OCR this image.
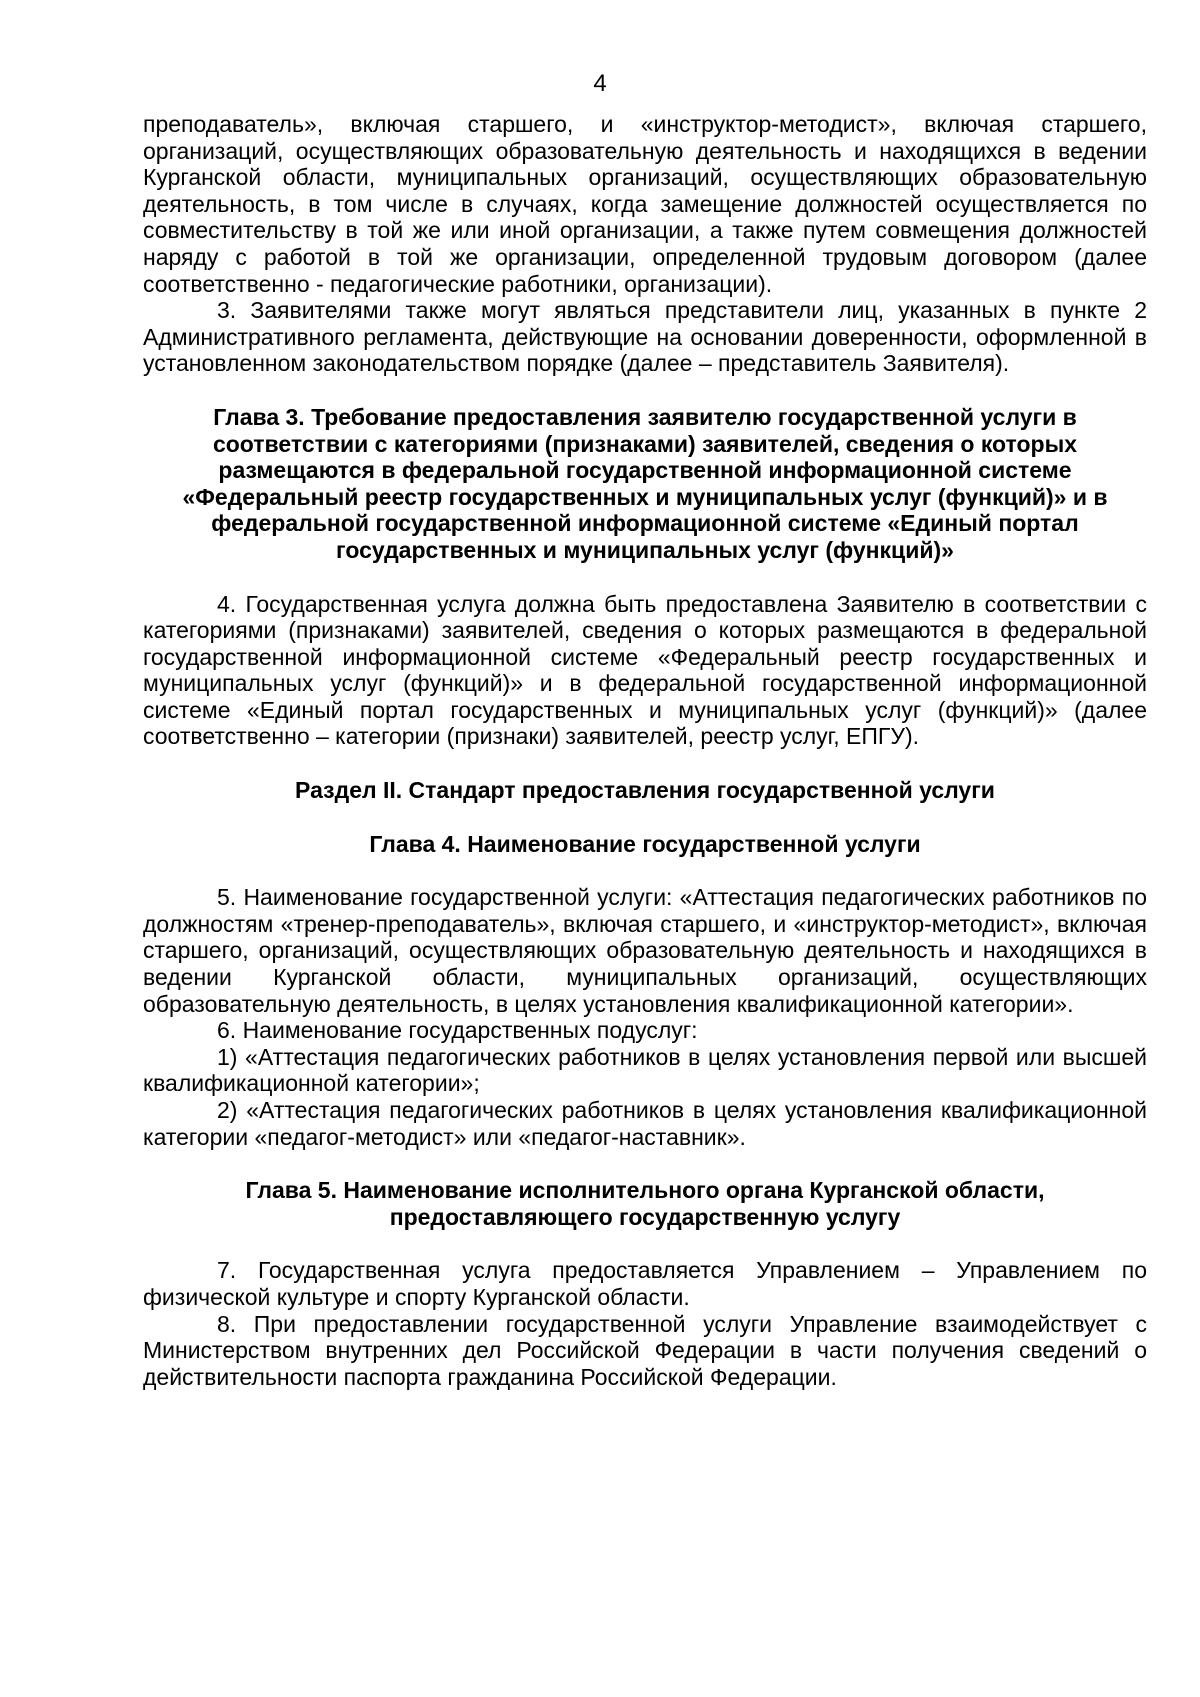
4

преподаватель», включая старшего, и «инструктор-методист», включая старшего, организаций, осуществляющих образовательную деятельность и находящихся в ведении Курганской области, муниципальных организаций, осуществляющих образовательную деятельность, в том числе в случаях, когда замещение должностей осуществляется по совместительству в той же или иной организации, а также путем совмещения должностей наряду с работой в той же организации, определенной трудовым договором (далее соответственно - педагогические работники, организации).

3. Заявителями также могут являться представители лиц, указанных в пункте 2 Административного регламента, действующие на основании доверенности, оформленной в установленном законодательством порядке (далее – представитель Заявителя).

Глава 3. Требование предоставления заявителю государственной услуги в соответствии с категориями (признаками) заявителей, сведения о которых размещаются в федеральной государственной информационной системе «Федеральный реестр государственных и муниципальных услуг (функций)» и в федеральной государственной информационной системе «Единый портал государственных и муниципальных услуг (функций)»

4. Государственная услуга должна быть предоставлена Заявителю в соответствии с категориями (признаками) заявителей, сведения о которых размещаются в федеральной государственной информационной системе «Федеральный реестр государственных и муниципальных услуг (функций)» и в федеральной государственной информационной системе «Единый портал государственных и муниципальных услуг (функций)» (далее соответственно – категории (признаки) заявителей, реестр услуг, ЕПГУ).

Раздел II. Стандарт предоставления государственной услуги
Глава 4. Наименование государственной услуги

5. Наименование государственной услуги: «Аттестация педагогических работников по должностям «тренер-преподаватель», включая старшего, и «инструктор-методист», включая старшего, организаций, осуществляющих образовательную деятельность и находящихся в ведении Курганской области, муниципальных организаций, осуществляющих образовательную деятельность, в целях установления квалификационной категории».

6. Наименование государственных подуслуг:

1) «Аттестация педагогических работников в целях установления первой или высшей квалификационной категории»;

2) «Аттестация педагогических работников в целях установления квалификационной категории «педагог-методист» или «педагог-наставник».

Глава 5. Наименование исполнительного органа Курганской области, предоставляющего государственную услугу

7. Государственная услуга предоставляется Управлением – Управлением по физической культуре и спорту Курганской области.

8. При предоставлении государственной услуги Управление взаимодействует с Министерством внутренних дел Российской Федерации в части получения сведений о действительности паспорта гражданина Российской Федерации.
